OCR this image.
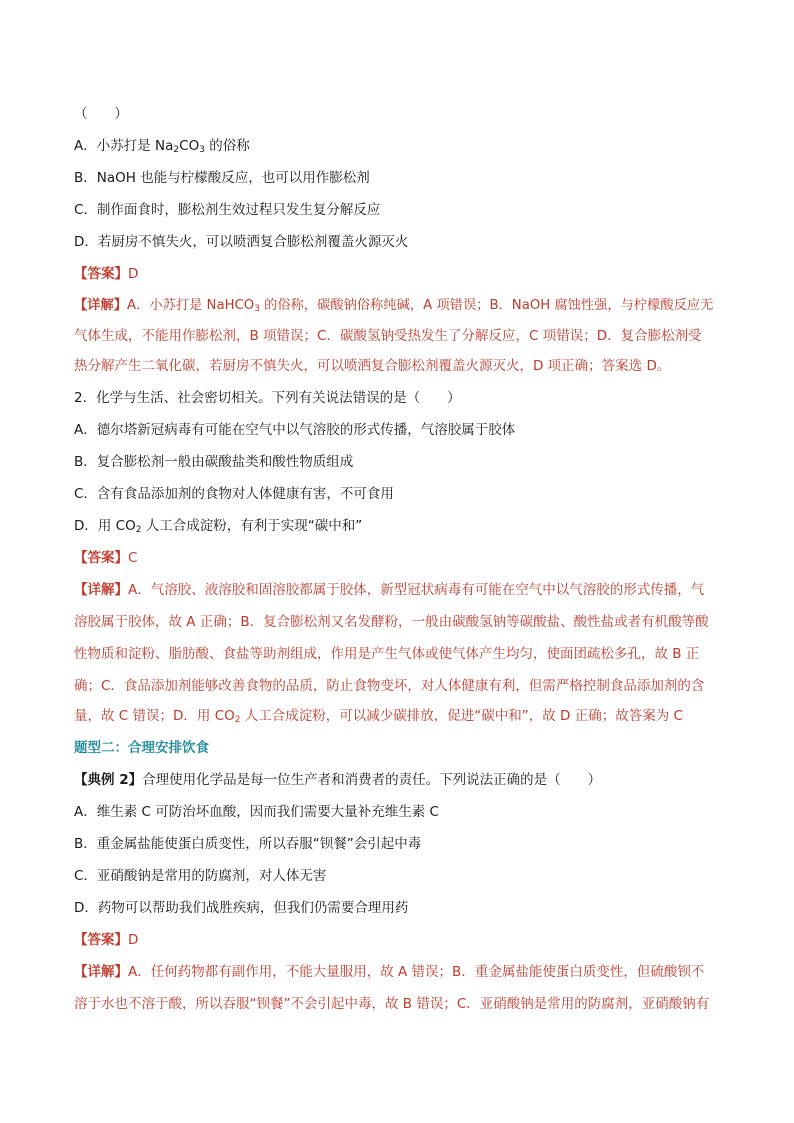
（　　）
A．小苏打是 $Na_2CO_3$ 的俗称
B．NaOH 也能与柠檬酸反应，也可以用作膨松剂
C．制作面食时，膨松剂生效过程只发生复分解反应
D．若厨房不慎失火，可以喷洒复合膨松剂覆盖火源灭火
【答案】D
【详解】A．小苏打是 NaHCO$_3$ 的俗称，碳酸钠俗称纯碱，A 项错误；B．NaOH 腐蚀性强，与柠檬酸反应无
气体生成，不能用作膨松剂，B 项错误；C．碳酸氢钠受热发生了分解反应，C 项错误；D．复合膨松剂受
热分解产生二氧化碳，若厨房不慎失火，可以喷洒复合膨松剂覆盖火源灭火，D 项正确；答案选 D。
2．化学与生活、社会密切相关。下列有关说法错误的是（　　）
A．德尔塔新冠病毒有可能在空气中以气溶胶的形式传播，气溶胶属于胶体
B．复合膨松剂一般由碳酸盐类和酸性物质组成
C．含有食品添加剂的食物对人体健康有害，不可食用
D．用 $CO_2$ 人工合成淀粉，有利于实现“碳中和”
【答案】C
【详解】A．气溶胶、液溶胶和固溶胶都属于胶体，新型冠状病毒有可能在空气中以气溶胶的形式传播，气
溶胶属于胶体，故 A 正确；B．复合膨松剂又名发酵粉，一般由碳酸氢钠等碳酸盐、酸性盐或者有机酸等酸
性物质和淀粉、脂肪酸、食盐等助剂组成，作用是产生气体或使气体产生均匀，使面团疏松多孔，故 B 正
确；C．食品添加剂能够改善食物的品质，防止食物变坏，对人体健康有利，但需严格控制食品添加剂的含
量，故 C 错误；D．用 $CO_2$ 人工合成淀粉，可以减少碳排放，促进“碳中和”，故 D 正确；故答案为 C
题型二：合理安排饮食
【典例 2】合理使用化学品是每一位生产者和消费者的责任。下列说法正确的是（　　）
A．维生素 C 可防治坏血酸，因而我们需要大量补充维生素 C
B．重金属盐能使蛋白质变性，所以吞服“钡餐”会引起中毒
C．亚硝酸钠是常用的防腐剂，对人体无害
D．药物可以帮助我们战胜疾病，但我们仍需要合理用药
【答案】D
【详解】A．任何药物都有副作用，不能大量服用，故 A 错误；B．重金属盐能使蛋白质变性，但硫酸钡不
溶于水也不溶于酸，所以吞服“钡餐”不会引起中毒，故 B 错误；C．亚硝酸钠是常用的防腐剂，亚硝酸钠有
